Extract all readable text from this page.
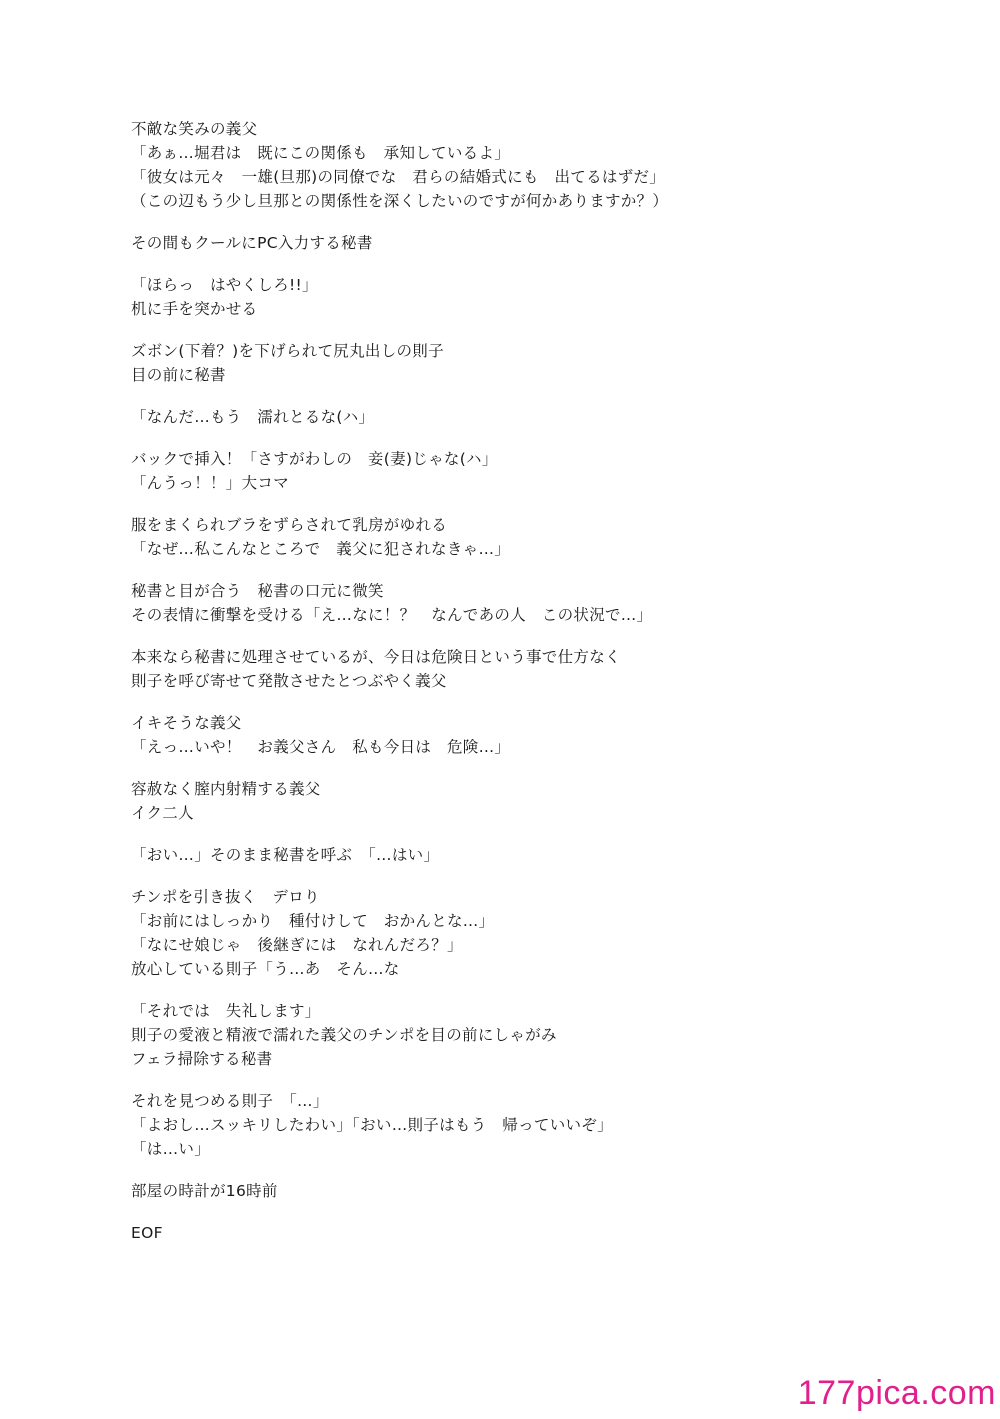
不敵な笑みの義父
「あぁ…堀君は　既にこの関係も　承知しているよ」
「彼女は元々　一雄(旦那)の同僚でな　君らの結婚式にも　出てるはずだ」
（この辺もう少し旦那との関係性を深くしたいのですが何かありますか？）
その間もクールにPC入力する秘書
「ほらっ　はやくしろ!!」
机に手を突かせる
ズボン(下着？)を下げられて尻丸出しの則子
目の前に秘書
「なんだ…もう　濡れとるな(ハ」
バックで挿入！「さすがわしの　妾(妻)じゃな(ハ」
「んうっ！！」大コマ
服をまくられブラをずらされて乳房がゆれる
「なぜ…私こんなところで　義父に犯されなきゃ…」
秘書と目が合う　秘書の口元に微笑
その表情に衝撃を受ける「え…なに！？　なんであの人　この状況で…」
本来なら秘書に処理させているが、今日は危険日という事で仕方なく
則子を呼び寄せて発散させたとつぶやく義父
イキそうな義父
「えっ…いや！　お義父さん　私も今日は　危険…」
容赦なく膣内射精する義父
イク二人
「おい…」そのまま秘書を呼ぶ　「…はい」
チンポを引き抜く　デロり
「お前にはしっかり　種付けして　おかんとな…」
「なにせ娘じゃ　後継ぎには　なれんだろ？」
放心している則子「う…あ　そん…な
「それでは　失礼します」
則子の愛液と精液で濡れた義父のチンポを目の前にしゃがみ
フェラ掃除する秘書
それを見つめる則子　「…」
「よおし…スッキリしたわい」「おい…則子はもう　帰っていいぞ」
「は…い」
部屋の時計が16時前
EOF
177pica.com
